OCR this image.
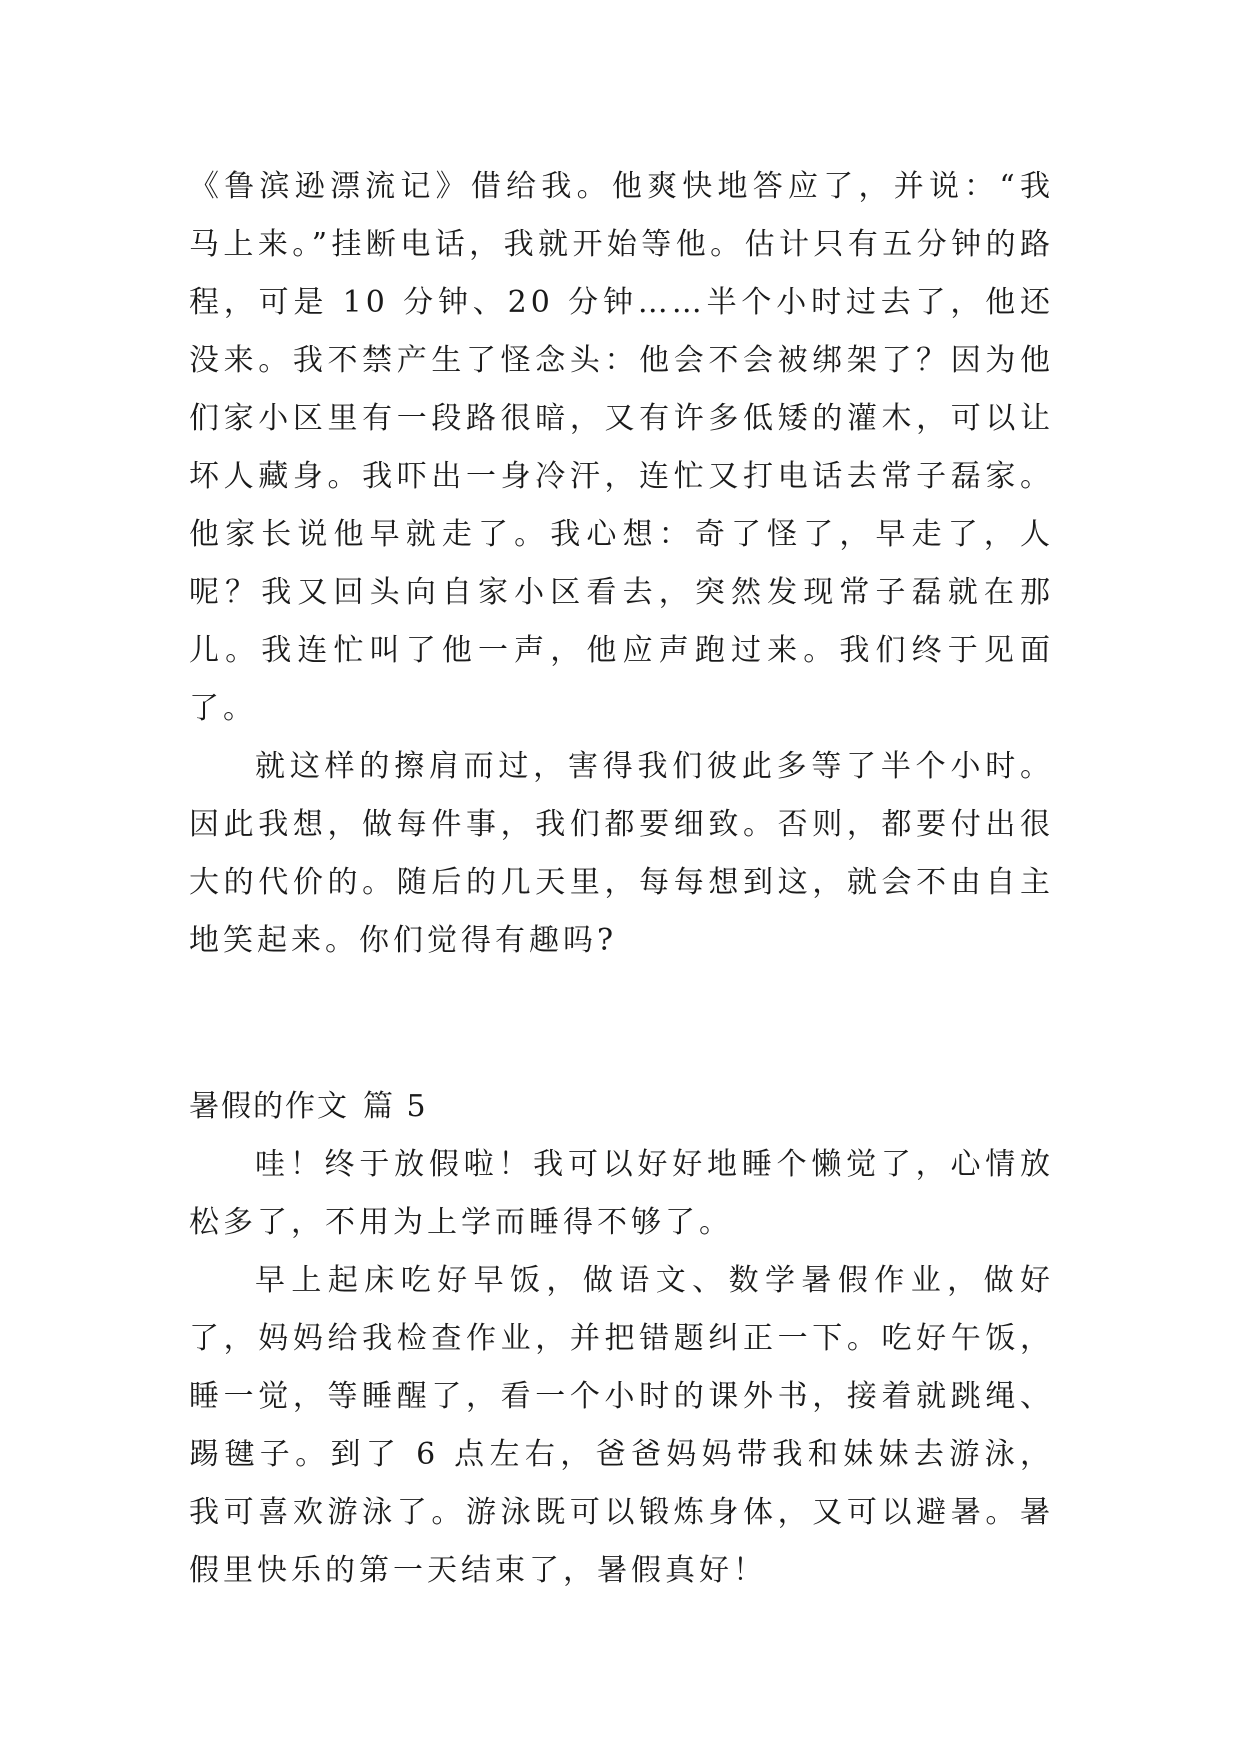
《鲁滨逊漂流记》借给我。他爽快地答应了，并说：“我马上来。”挂断电话，我就开始等他。估计只有五分钟的路程，可是 10 分钟、20 分钟……半个小时过去了，他还没来。我不禁产生了怪念头：他会不会被绑架了？因为他们家小区里有一段路很暗，又有许多低矮的灌木，可以让坏人藏身。我吓出一身冷汗，连忙又打电话去常子磊家。他家长说他早就走了。我心想：奇了怪了，早走了，人呢？我又回头向自家小区看去，突然发现常子磊就在那儿。我连忙叫了他一声，他应声跑过来。我们终于见面了。

就这样的擦肩而过，害得我们彼此多等了半个小时。因此我想，做每件事，我们都要细致。否则，都要付出很大的代价的。随后的几天里，每每想到这，就会不由自主地笑起来。你们觉得有趣吗?

暑假的作文 篇 5

哇！终于放假啦！我可以好好地睡个懒觉了，心情放松多了，不用为上学而睡得不够了。

早上起床吃好早饭，做语文、数学暑假作业，做好了，妈妈给我检查作业，并把错题纠正一下。吃好午饭，睡一觉，等睡醒了，看一个小时的课外书，接着就跳绳、踢毽子。到了 6 点左右，爸爸妈妈带我和妹妹去游泳，我可喜欢游泳了。游泳既可以锻炼身体，又可以避暑。暑假里快乐的第一天结束了，暑假真好！
